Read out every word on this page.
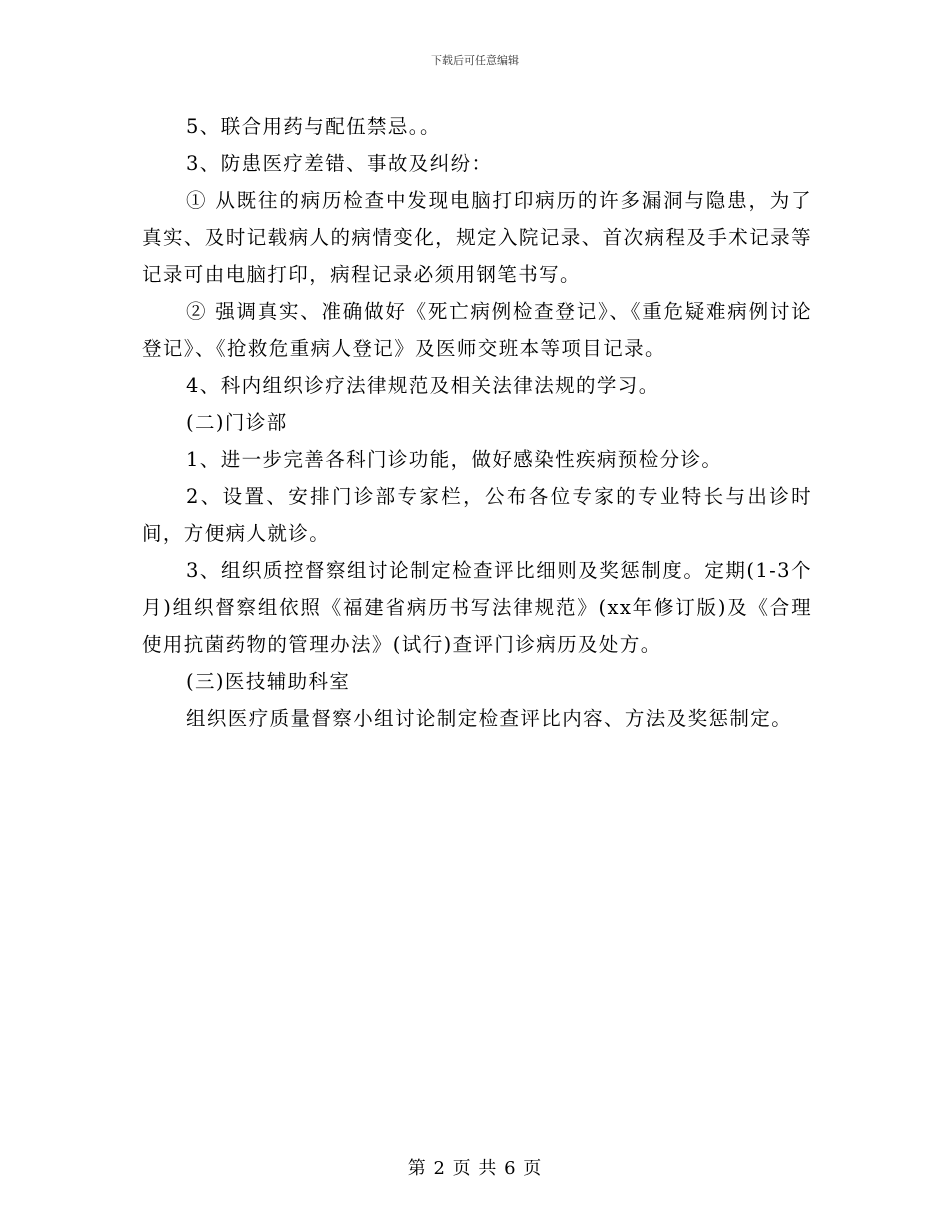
下载后可任意编辑

5、联合用药与配伍禁忌。。

3、防患医疗差错、事故及纠纷：

① 从既往的病历检查中发现电脑打印病历的许多漏洞与隐患，为了真实、及时记载病人的病情变化，规定入院记录、首次病程及手术记录等记录可由电脑打印，病程记录必须用钢笔书写。

② 强调真实、准确做好《死亡病例检查登记》、《重危疑难病例讨论登记》、《抢救危重病人登记》及医师交班本等项目记录。

4、科内组织诊疗法律规范及相关法律法规的学习。

(二)门诊部

1、进一步完善各科门诊功能，做好感染性疾病预检分诊。

2、设置、安排门诊部专家栏，公布各位专家的专业特长与出诊时间，方便病人就诊。

3、组织质控督察组讨论制定检查评比细则及奖惩制度。定期(1-3个月)组织督察组依照《福建省病历书写法律规范》(xx年修订版)及《合理使用抗菌药物的管理办法》(试行)查评门诊病历及处方。

(三)医技辅助科室

组织医疗质量督察小组讨论制定检查评比内容、方法及奖惩制定。

第 2 页 共 6 页
